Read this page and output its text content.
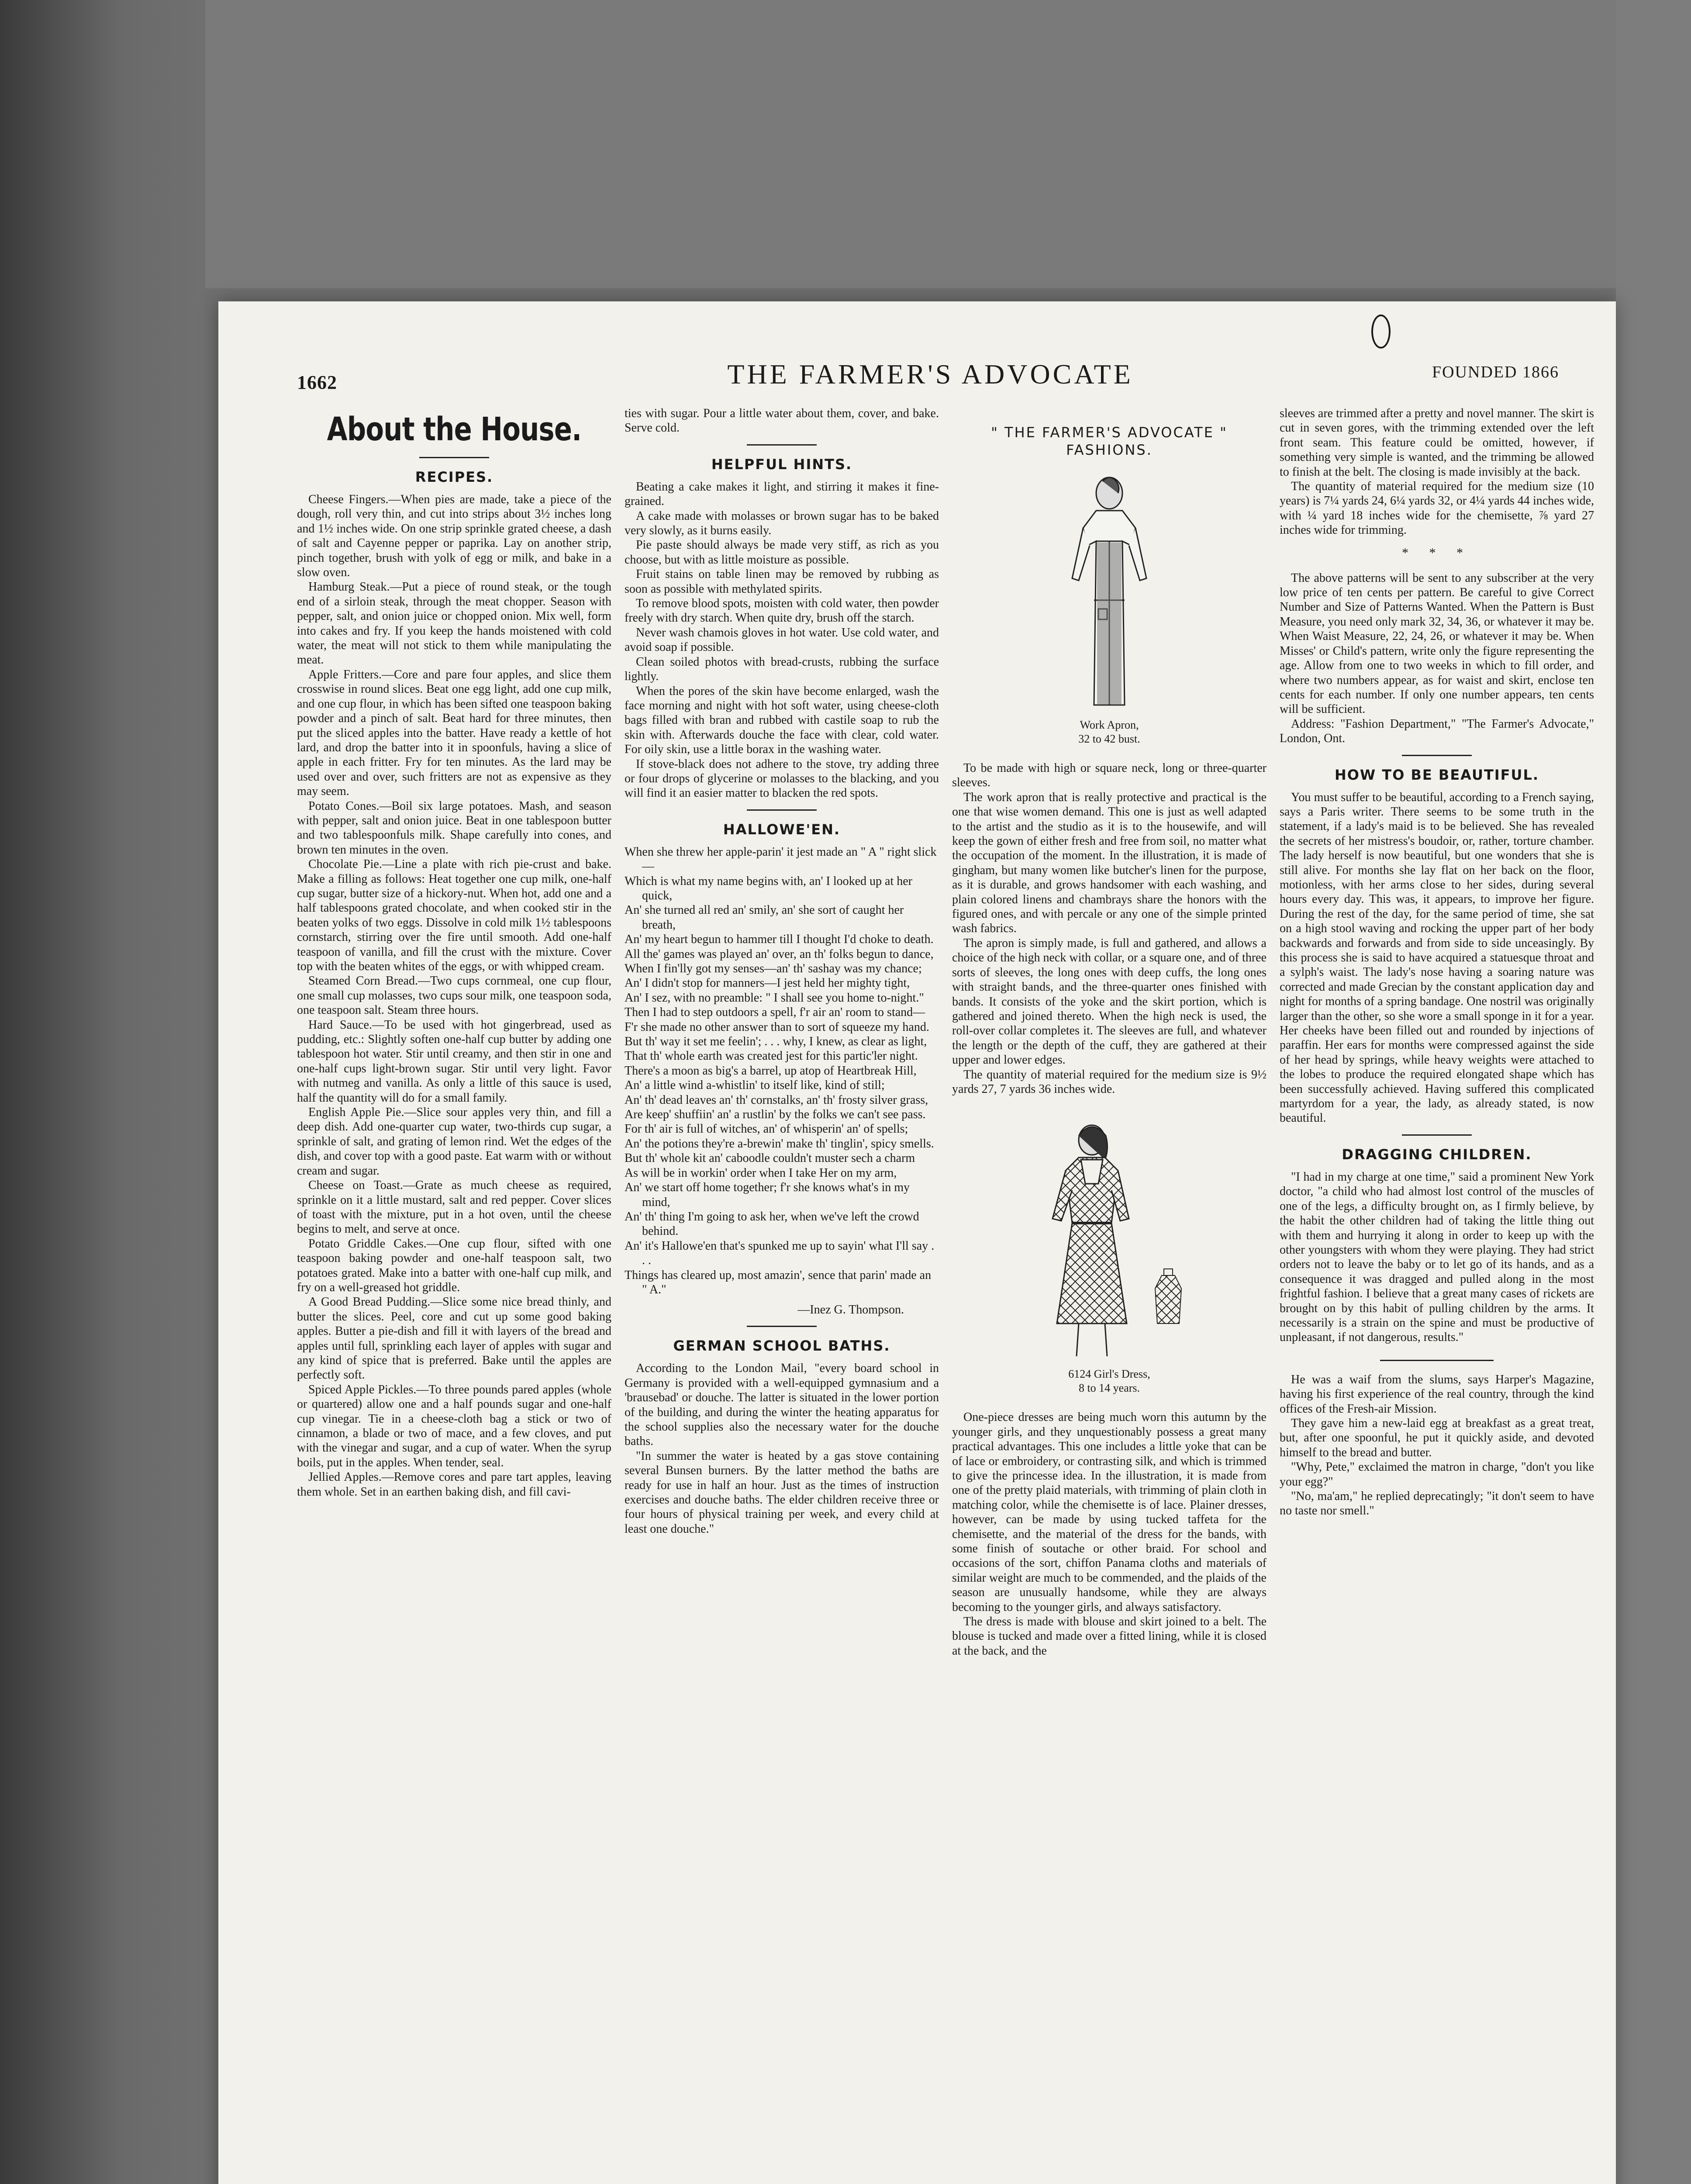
1662	THE FARMER'S ADVOCATE	FOUNDED 1866
About the House.
RECIPES.

Cheese Fingers.—When pies are made, take a piece of the dough, roll very thin, and cut into strips about 3½ inches long and 1½ inches wide. On one strip sprinkle grated cheese, a dash of salt and Cayenne pepper or paprika. Lay on another strip, pinch together, brush with yolk of egg or milk, and bake in a slow oven.

Hamburg Steak.—Put a piece of round steak, or the tough end of a sirloin steak, through the meat chopper. Season with pepper, salt, and onion juice or chopped onion. Mix well, form into cakes and fry. If you keep the hands moistened with cold water, the meat will not stick to them while manipulating the meat.

Apple Fritters.—Core and pare four apples, and slice them crosswise in round slices. Beat one egg light, add one cup milk, and one cup flour, in which has been sifted one teaspoon baking powder and a pinch of salt. Beat hard for three minutes, then put the sliced apples into the batter. Have ready a kettle of hot lard, and drop the batter into it in spoonfuls, having a slice of apple in each fritter. Fry for ten minutes. As the lard may be used over and over, such fritters are not as expensive as they may seem.

Potato Cones.—Boil six large potatoes. Mash, and season with pepper, salt and onion juice. Beat in one tablespoon butter and two tablespoonfuls milk. Shape carefully into cones, and brown ten minutes in the oven.

Chocolate Pie.—Line a plate with rich pie-crust and bake. Make a filling as follows: Heat together one cup milk, one-half cup sugar, butter size of a hickory-nut. When hot, add one and a half tablespoons grated chocolate, and when cooked stir in the beaten yolks of two eggs. Dissolve in cold milk 1½ tablespoons cornstarch, stirring over the fire until smooth. Add one-half teaspoon of vanilla, and fill the crust with the mixture. Cover top with the beaten whites of the eggs, or with whipped cream.

Steamed Corn Bread.—Two cups cornmeal, one cup flour, one small cup molasses, two cups sour milk, one teaspoon soda, one teaspoon salt. Steam three hours.

Hard Sauce.—To be used with hot gingerbread, used as pudding, etc.: Slightly soften one-half cup butter by adding one tablespoon hot water. Stir until creamy, and then stir in one and one-half cups light-brown sugar. Stir until very light. Favor with nutmeg and vanilla. As only a little of this sauce is used, half the quantity will do for a small family.

English Apple Pie.—Slice sour apples very thin, and fill a deep dish. Add one-quarter cup water, two-thirds cup sugar, a sprinkle of salt, and grating of lemon rind. Wet the edges of the dish, and cover top with a good paste. Eat warm with or without cream and sugar.

Cheese on Toast.—Grate as much cheese as required, sprinkle on it a little mustard, salt and red pepper. Cover slices of toast with the mixture, put in a hot oven, until the cheese begins to melt, and serve at once.

Potato Griddle Cakes.—One cup flour, sifted with one teaspoon baking powder and one-half teaspoon salt, two potatoes grated. Make into a batter with one-half cup milk, and fry on a well-greased hot griddle.

A Good Bread Pudding.—Slice some nice bread thinly, and butter the slices. Peel, core and cut up some good baking apples. Butter a pie-dish and fill it with layers of the bread and apples until full, sprinkling each layer of apples with sugar and any kind of spice that is preferred. Bake until the apples are perfectly soft.

Spiced Apple Pickles.—To three pounds pared apples (whole or quartered) allow one and a half pounds sugar and one-half cup vinegar. Tie in a cheese-cloth bag a stick or two of cinnamon, a blade or two of mace, and a few cloves, and put with the vinegar and sugar, and a cup of water. When the syrup boils, put in the apples. When tender, seal.

Jellied Apples.—Remove cores and pare tart apples, leaving them whole. Set in an earthen baking dish, and fill cavi-

ties with sugar. Pour a little water about them, cover, and bake. Serve cold.

HELPFUL HINTS.

Beating a cake makes it light, and stirring it makes it fine-grained.

A cake made with molasses or brown sugar has to be baked very slowly, as it burns easily.

Pie paste should always be made very stiff, as rich as you choose, but with as little moisture as possible.

Fruit stains on table linen may be removed by rubbing as soon as possible with methylated spirits.

To remove blood spots, moisten with cold water, then powder freely with dry starch. When quite dry, brush off the starch.

Never wash chamois gloves in hot water. Use cold water, and avoid soap if possible.

Clean soiled photos with bread-crusts, rubbing the surface lightly.

When the pores of the skin have become enlarged, wash the face morning and night with hot soft water, using cheese-cloth bags filled with bran and rubbed with castile soap to rub the skin with. Afterwards douche the face with clear, cold water. For oily skin, use a little borax in the washing water.

If stove-black does not adhere to the stove, try adding three or four drops of glycerine or molasses to the blacking, and you will find it an easier matter to blacken the red spots.

HALLOWE'EN.

When she threw her apple-parin' it jest made an " A " right slick—

Which is what my name begins with, an' I looked up at her quick,

An' she turned all red an' smily, an' she sort of caught her breath,

An' my heart begun to hammer till I thought I'd choke to death.

All the' games was played an' over, an th' folks begun to dance,

When I fin'lly got my senses—an' th' sashay was my chance;

An' I didn't stop for manners—I jest held her mighty tight,

An' I sez, with no preamble: " I shall see you home to-night."

Then I had to step outdoors a spell, f'r air an' room to stand—

F'r she made no other answer than to sort of squeeze my hand.

But th' way it set me feelin'; . . . why, I knew, as clear as light,

That th' whole earth was created jest for this partic'ler night.

There's a moon as big's a barrel, up atop of Heartbreak Hill,

An' a little wind a-whistlin' to itself like, kind of still;

An' th' dead leaves an' th' cornstalks, an' th' frosty silver grass,

Are keep' shuffiin' an' a rustlin' by the folks we can't see pass.

For th' air is full of witches, an' of whisperin' an' of spells;

An' the potions they're a-brewin' make th' tinglin', spicy smells.

But th' whole kit an' caboodle couldn't muster sech a charm

As will be in workin' order when I take Her on my arm,

An' we start off home together; f'r she knows what's in my mind,

An' th' thing I'm going to ask her, when we've left the crowd behind.

An' it's Hallowe'en that's spunked me up to sayin' what I'll say . . .

Things has cleared up, most amazin', sence that parin' made an " A."

—Inez G. Thompson.
GERMAN SCHOOL BATHS.

According to the London Mail, "every board school in Germany is provided with a well-equipped gymnasium and a 'brausebad' or douche. The latter is situated in the lower portion of the building, and during the winter the heating apparatus for the school supplies also the necessary water for the douche baths.

"In summer the water is heated by a gas stove containing several Bunsen burners. By the latter method the baths are ready for use in half an hour. Just as the times of instruction exercises and douche baths. The elder children receive three or four hours of physical training per week, and every child at least one douche."

" THE FARMER'S ADVOCATE "
FASHIONS.
Work Apron,
32 to 42 bust.

To be made with high or square neck, long or three-quarter sleeves.

The work apron that is really protective and practical is the one that wise women demand. This one is just as well adapted to the artist and the studio as it is to the housewife, and will keep the gown of either fresh and free from soil, no matter what the occupation of the moment. In the illustration, it is made of gingham, but many women like butcher's linen for the purpose, as it is durable, and grows handsomer with each washing, and plain colored linens and chambrays share the honors with the figured ones, and with percale or any one of the simple printed wash fabrics.

The apron is simply made, is full and gathered, and allows a choice of the high neck with collar, or a square one, and of three sorts of sleeves, the long ones with deep cuffs, the long ones with straight bands, and the three-quarter ones finished with bands. It consists of the yoke and the skirt portion, which is gathered and joined thereto. When the high neck is used, the roll-over collar completes it. The sleeves are full, and whatever the length or the depth of the cuff, they are gathered at their upper and lower edges.

The quantity of material required for the medium size is 9½ yards 27, 7 yards 36 inches wide.

6124 Girl's Dress,
8 to 14 years.

One-piece dresses are being much worn this autumn by the younger girls, and they unquestionably possess a great many practical advantages. This one includes a little yoke that can be of lace or embroidery, or contrasting silk, and which is trimmed to give the princesse idea. In the illustration, it is made from one of the pretty plaid materials, with trimming of plain cloth in matching color, while the chemisette is of lace. Plainer dresses, however, can be made by using tucked taffeta for the chemisette, and the material of the dress for the bands, with some finish of soutache or other braid. For school and occasions of the sort, chiffon Panama cloths and materials of similar weight are much to be commended, and the plaids of the season are unusually handsome, while they are always becoming to the younger girls, and always satisfactory.

The dress is made with blouse and skirt joined to a belt. The blouse is tucked and made over a fitted lining, while it is closed at the back, and the

sleeves are trimmed after a pretty and novel manner. The skirt is cut in seven gores, with the trimming extended over the left front seam. This feature could be omitted, however, if something very simple is wanted, and the trimming be allowed to finish at the belt. The closing is made invisibly at the back.

The quantity of material required for the medium size (10 years) is 7¼ yards 24, 6¼ yards 32, or 4¼ yards 44 inches wide, with ¼ yard 18 inches wide for the chemisette, ⅞ yard 27 inches wide for trimming.

* * *

The above patterns will be sent to any subscriber at the very low price of ten cents per pattern. Be careful to give Correct Number and Size of Patterns Wanted. When the Pattern is Bust Measure, you need only mark 32, 34, 36, or whatever it may be. When Waist Measure, 22, 24, 26, or whatever it may be. When Misses' or Child's pattern, write only the figure representing the age. Allow from one to two weeks in which to fill order, and where two numbers appear, as for waist and skirt, enclose ten cents for each number. If only one number appears, ten cents will be sufficient.

Address: "Fashion Department," "The Farmer's Advocate," London, Ont.

HOW TO BE BEAUTIFUL.

You must suffer to be beautiful, according to a French saying, says a Paris writer. There seems to be some truth in the statement, if a lady's maid is to be believed. She has revealed the secrets of her mistress's boudoir, or, rather, torture chamber. The lady herself is now beautiful, but one wonders that she is still alive. For months she lay flat on her back on the floor, motionless, with her arms close to her sides, during several hours every day. This was, it appears, to improve her figure. During the rest of the day, for the same period of time, she sat on a high stool waving and rocking the upper part of her body backwards and forwards and from side to side unceasingly. By this process she is said to have acquired a statuesque throat and a sylph's waist. The lady's nose having a soaring nature was corrected and made Grecian by the constant application day and night for months of a spring bandage. One nostril was originally larger than the other, so she wore a small sponge in it for a year. Her cheeks have been filled out and rounded by injections of paraffin. Her ears for months were compressed against the side of her head by springs, while heavy weights were attached to the lobes to produce the required elongated shape which has been successfully achieved. Having suffered this complicated martyrdom for a year, the lady, as already stated, is now beautiful.

DRAGGING CHILDREN.

"I had in my charge at one time," said a prominent New York doctor, "a child who had almost lost control of the muscles of one of the legs, a difficulty brought on, as I firmly believe, by the habit the other children had of taking the little thing out with them and hurrying it along in order to keep up with the other youngsters with whom they were playing. They had strict orders not to leave the baby or to let go of its hands, and as a consequence it was dragged and pulled along in the most frightful fashion. I believe that a great many cases of rickets are brought on by this habit of pulling children by the arms. It necessarily is a strain on the spine and must be productive of unpleasant, if not dangerous, results."

He was a waif from the slums, says Harper's Magazine, having his first experience of the real country, through the kind offices of the Fresh-air Mission.

They gave him a new-laid egg at breakfast as a great treat, but, after one spoonful, he put it quickly aside, and devoted himself to the bread and butter.

"Why, Pete," exclaimed the matron in charge, "don't you like your egg?"

"No, ma'am," he replied deprecatingly; "it don't seem to have no taste nor smell."
